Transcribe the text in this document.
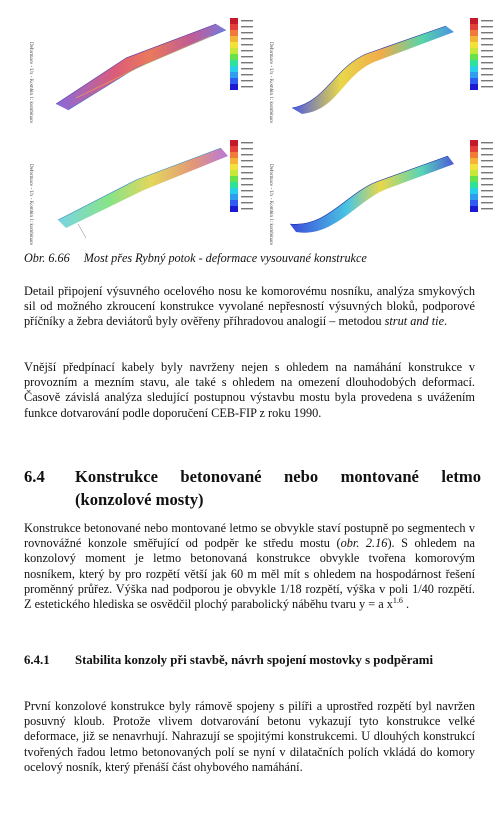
Deformace - Ux - Kombin 1: kombinace	Deformace - Ux - Kombin 1: kombinace
Deformace - Ux - Kombin 1: kombinace	Deformace - Ux - Kombin 1: kombinace
Obr. 6.66 Most přes Rybný potok - deformace vysouvané konstrukce

Detail připojení výsuvného ocelového nosu ke komorovému nosníku, analýza smykových sil od možného zkroucení konstrukce vyvolané nepřesností výsuvných bloků, podporové příčníky a žebra deviátorů byly ověřeny příhradovou analogií – metodou strut and tie.

Vnější předpínací kabely byly navrženy nejen s ohledem na namáhání konstrukce v provozním a mezním stavu, ale také s ohledem na omezení dlouhodobých deformací. Časově závislá analýza sledující postupnou výstavbu mostu byla provedena s uvážením funkce dotvarování podle doporučení CEB-FIP z roku 1990.

6.4 Konstrukce betonované nebo montované letmo (konzolové mosty)

Konstrukce betonované nebo montované letmo se obvykle staví postupně po segmentech v rovnovážné konzole směřující od podpěr ke středu mostu (obr. 2.16). S ohledem na konzolový moment je letmo betonovaná konstrukce obvykle tvořena komorovým nosníkem, který by pro rozpětí větší jak 60 m měl mít s ohledem na hospodárnost řešení proměnný průřez. Výška nad podporou je obvykle 1/18 rozpětí, výška v poli 1/40 rozpětí. Z estetického hlediska se osvědčil plochý parabolický náběhu tvaru y = a $x^{1.6}$ .

6.4.1 Stabilita konzoly při stavbě, návrh spojení mostovky s podpěrami

První konzolové konstrukce byly rámově spojeny s pilíři a uprostřed rozpětí byl navržen posuvný kloub. Protože vlivem dotvarování betonu vykazují tyto konstrukce velké deformace, již se nenavrhují. Nahrazují se spojitými konstrukcemi. U dlouhých konstrukcí tvořených řadou letmo betonovaných polí se nyní v dilatačních polích vkládá do komory ocelový nosník, který přenáší část ohybového namáhání.
